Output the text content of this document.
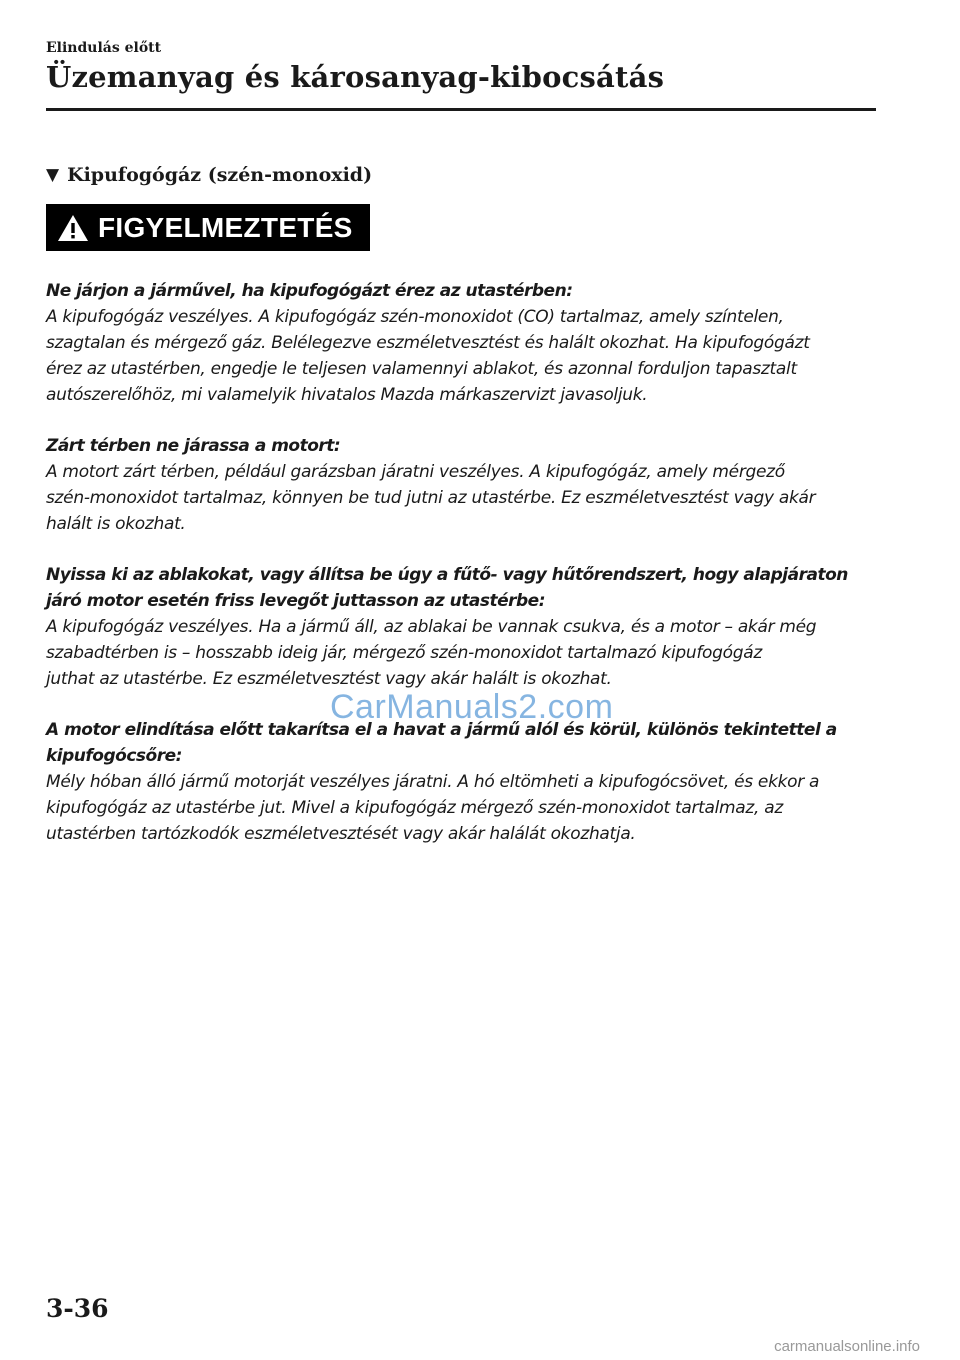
Elindulás előtt
Üzemanyag és károsanyag-kibocsátás
▼ Kipufogógáz (szén-monoxid)
FIGYELMEZTETÉS

Ne járjon a járművel, ha kipufogógázt érez az utastérben:

A kipufogógáz veszélyes. A kipufogógáz szén-monoxidot (CO) tartalmaz, amely színtelen,

szagtalan és mérgező gáz. Belélegezve eszméletvesztést és halált okozhat. Ha kipufogógázt

érez az utastérben, engedje le teljesen valamennyi ablakot, és azonnal forduljon tapasztalt

autószerelőhöz, mi valamelyik hivatalos Mazda márkaszervizt javasoljuk.

Zárt térben ne járassa a motort:

A motort zárt térben, például garázsban járatni veszélyes. A kipufogógáz, amely mérgező

szén-monoxidot tartalmaz, könnyen be tud jutni az utastérbe. Ez eszméletvesztést vagy akár

halált is okozhat.

Nyissa ki az ablakokat, vagy állítsa be úgy a fűtő- vagy hűtőrendszert, hogy alapjáraton járó motor esetén friss levegőt juttasson az utastérbe:

A kipufogógáz veszélyes. Ha a jármű áll, az ablakai be vannak csukva, és a motor – akár még

szabadtérben is – hosszabb ideig jár, mérgező szén-monoxidot tartalmazó kipufogógáz

juthat az utastérbe. Ez eszméletvesztést vagy akár halált is okozhat.

A motor elindítása előtt takarítsa el a havat a jármű alól és körül, különös tekintettel a kipufogócsőre:

Mély hóban álló jármű motorját veszélyes járatni. A hó eltömheti a kipufogócsövet, és ekkor a

kipufogógáz az utastérbe jut. Mivel a kipufogógáz mérgező szén-monoxidot tartalmaz, az

utastérben tartózkodók eszméletvesztését vagy akár halálát okozhatja.

CarManuals2.com
3-36
carmanualsonline.info
